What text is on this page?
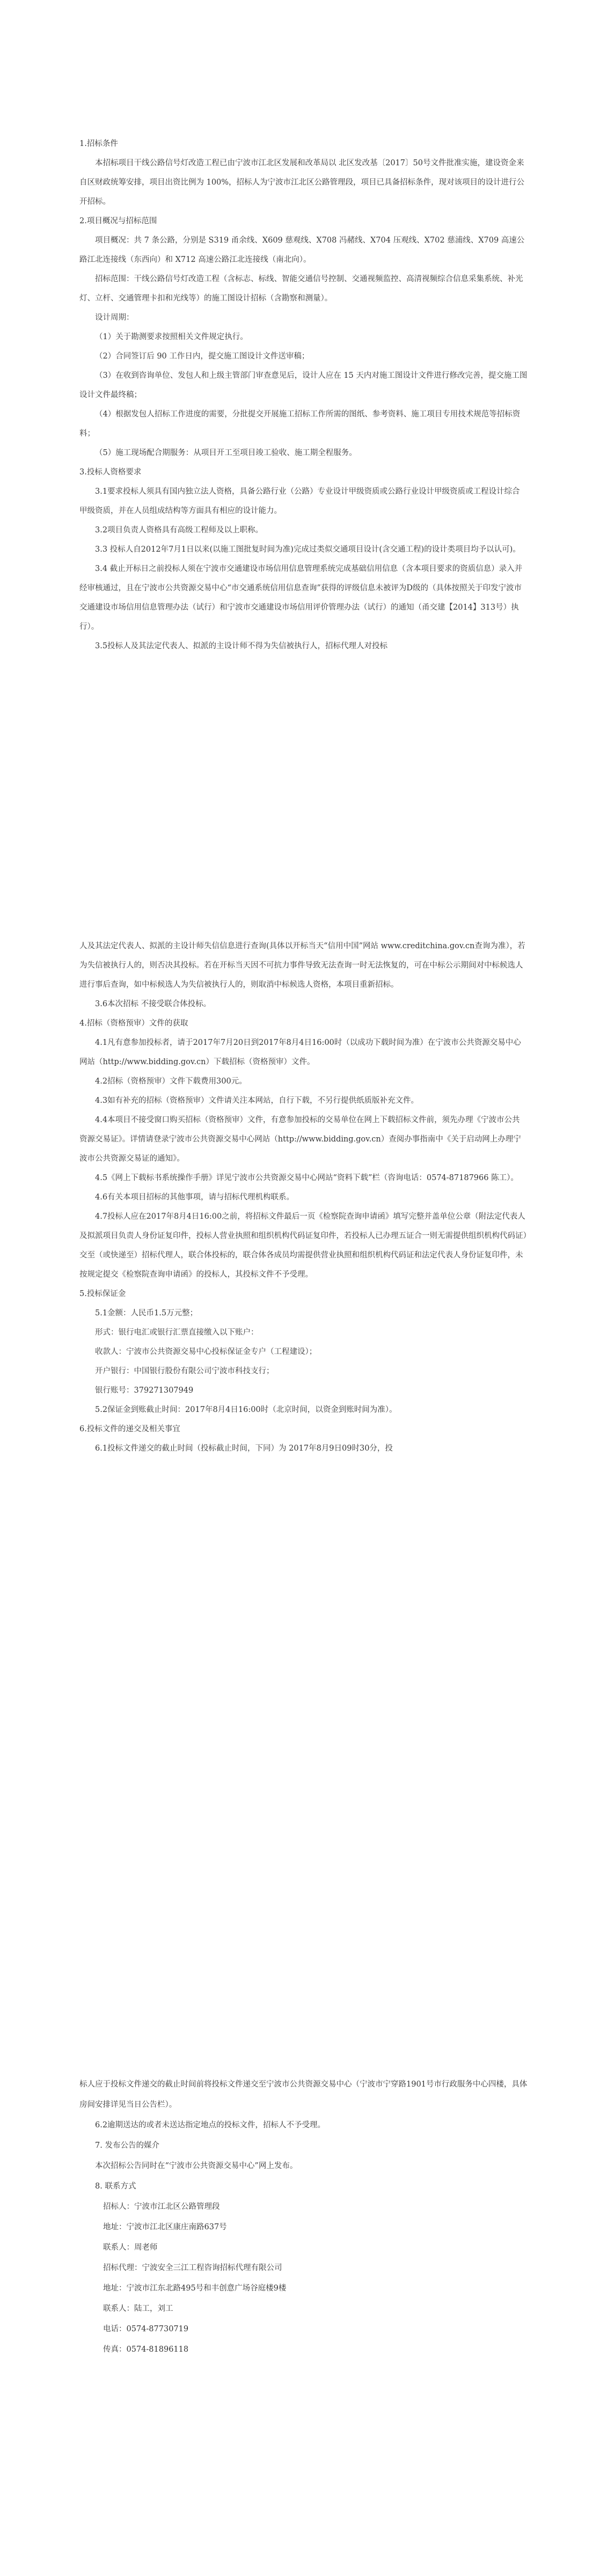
1.招标条件

本招标项目干线公路信号灯改造工程已由宁波市江北区发展和改革局以 北区发改基〔2017〕50号文件批准实施，建设资金来自区财政统筹安排，项目出资比例为 100%，招标人为宁波市江北区公路管理段，项目已具备招标条件，现对该项目的设计进行公开招标。

2.项目概况与招标范围

项目概况：共 7 条公路，分别是 S319 甬余线、X609 慈观线、X708 冯赭线、X704 压观线、X702 慈浦线、X709 高速公路江北连接线（东西向）和 X712 高速公路江北连接线（南北向）。

招标范围：干线公路信号灯改造工程（含标志、标线、智能交通信号控制、交通视频监控、高清视频综合信息采集系统、补光灯、立杆、交通管理卡扣和光线等）的施工图设计招标（含勘察和测量）。

设计周期：

（1）关于勘测要求按照相关文件规定执行。

（2）合同签订后 90 工作日内，提交施工图设计文件送审稿；

（3）在收到咨询单位、发包人和上级主管部门审查意见后，设计人应在 15 天内对施工图设计文件进行修改完善，提交施工图设计文件最终稿；

（4）根据发包人招标工作进度的需要，分批提交开展施工招标工作所需的图纸、参考资料、施工项目专用技术规范等招标资料；

（5）施工现场配合期服务：从项目开工至项目竣工验收、施工期全程服务。

3.投标人资格要求

3.1要求投标人须具有国内独立法人资格，具备公路行业（公路）专业设计甲级资质或公路行业设计甲级资质或工程设计综合甲级资质，并在人员组成结构等方面具有相应的设计能力。

3.2项目负责人资格具有高级工程师及以上职称。

3.3 投标人自2012年7月1日以来(以施工图批复时间为准)完成过类似交通项目设计(含交通工程)的设计类项目均予以认可)。

3.4 截止开标日之前投标人须在宁波市交通建设市场信用信息管理系统完成基础信用信息（含本项目要求的资质信息）录入并经审核通过，且在宁波市公共资源交易中心“市交通系统信用信息查询”获得的评级信息未被评为D级的（具体按照关于印发宁波市交通建设市场信用信息管理办法（试行）和宁波市交通建设市场信用评价管理办法（试行）的通知（甬交建【2014】313号）执行）。

3.5投标人及其法定代表人、拟派的主设计师不得为失信被执行人，招标代理人对投标

人及其法定代表人、拟派的主设计师失信信息进行查询(具体以开标当天“信用中国”网站 www.creditchina.gov.cn查询为准），若为失信被执行人的，则否决其投标。若在开标当天因不可抗力事件导致无法查询一时无法恢复的，可在中标公示期间对中标候选人进行事后查询，如中标候选人为失信被执行人的，则取消中标候选人资格，本项目重新招标。

3.6本次招标 不接受联合体投标。

4.招标（资格预审）文件的获取

4.1凡有意参加投标者，请于2017年7月20日到2017年8月4日16:00时（以成功下载时间为准）在宁波市公共资源交易中心网站（http://www.bidding.gov.cn）下载招标（资格预审）文件。

4.2招标（资格预审）文件下载费用300元。

4.3如有补充的招标（资格预审）文件请关注本网站，自行下载，不另行提供纸质版补充文件。

4.4本项目不接受窗口购买招标（资格预审）文件，有意参加投标的交易单位在网上下载招标文件前，须先办理《宁波市公共资源交易证》。详情请登录宁波市公共资源交易中心网站（http://www.bidding.gov.cn）查阅办事指南中《关于启动网上办理宁波市公共资源交易证的通知》。

4.5《网上下载标书系统操作手册》详见宁波市公共资源交易中心网站“资料下载”栏（咨询电话：0574-87187966 陈工）。

4.6有关本项目招标的其他事项，请与招标代理机构联系。

4.7投标人应在2017年8月4日16:00之前，将招标文件最后一页《检察院查询申请函》填写完整并盖单位公章（附法定代表人及拟派项目负责人身份证复印件，投标人营业执照和组织机构代码证复印件，若投标人已办理五证合一则无需提供组织机构代码证）交至（或快递至）招标代理人，联合体投标的，联合体各成员均需提供营业执照和组织机构代码证和法定代表人身份证复印件，未按规定提交《检察院查询申请函》的投标人，其投标文件不予受理。

5.投标保证金

5.1金额：人民币1.5万元整；

形式：银行电汇或银行汇票直接缴入以下账户：

收款人：宁波市公共资源交易中心投标保证金专户（工程建设）；

开户银行：中国银行股份有限公司宁波市科技支行；

银行账号：379271307949

5.2保证金到账截止时间：2017年8月4日16:00时（北京时间，以资金到账时间为准）。

6.投标文件的递交及相关事宜

6.1投标文件递交的截止时间（投标截止时间，下同）为 2017年8月9日09时30分，投

标人应于投标文件递交的截止时间前将投标文件递交至宁波市公共资源交易中心（宁波市宁穿路1901号市行政服务中心四楼，具体房间安排详见当日公告栏）。

6.2逾期送达的或者未送达指定地点的投标文件，招标人不予受理。

7. 发布公告的媒介

本次招标公告同时在“宁波市公共资源交易中心”网上发布。

8. 联系方式

招标人：宁波市江北区公路管理段

地址：宁波市江北区康庄南路637号

联系人：周老师

招标代理：宁波安全三江工程咨询招标代理有限公司

地址：宁波市江东北路495号和丰创意广场谷庭楼9楼

联系人：陆工，刘工

电话：0574-87730719

传真：0574-81896118
